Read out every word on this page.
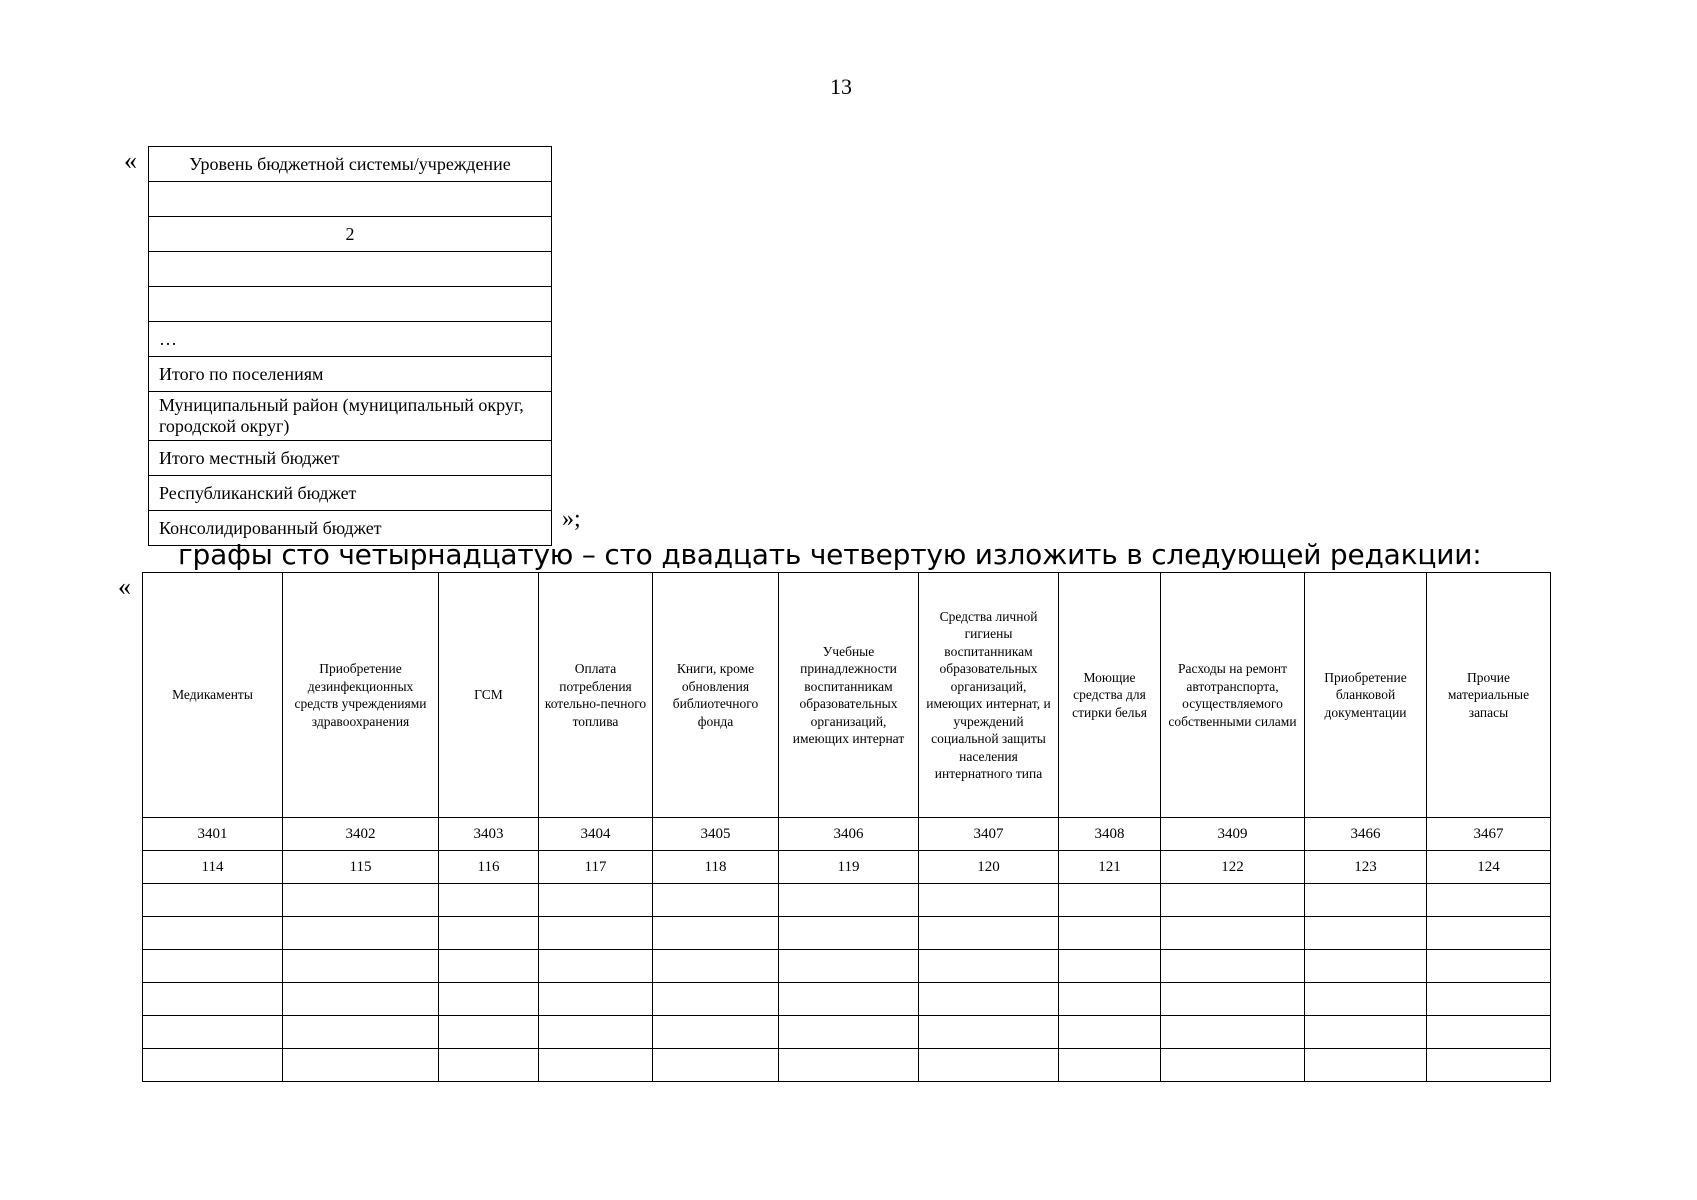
13
«	Уровень бюджетной системы/учреждение

2

…
Итого по поселениям
Муниципальный район (муниципальный округ, городской округ)
Итого местный бюджет
Республиканский бюджет
Консолидированный бюджет	»;
графы сто четырнадцатую – сто двадцать четвертую изложить в следующей редакции:
«
Медикаменты	Приобретение дезинфекционных средств учреждениями здравоохранения	ГСМ	Оплата потребления котельно-печного топлива	Книги, кроме обновления библиотечного фонда	Учебные принадлежности воспитанникам образовательных организаций, имеющих интернат	Средства личной гигиены воспитанникам образовательных организаций, имеющих интернат, и учреждений социальной защиты населения интернатного типа	Моющие средства для стирки белья	Расходы на ремонт автотранспорта, осуществляемого собственными силами	Приобретение бланковой документации	Прочие материальные запасы
3401	3402	3403	3404	3405	3406	3407	3408	3409	3466	3467
114	115	116	117	118	119	120	121	122	123	124
